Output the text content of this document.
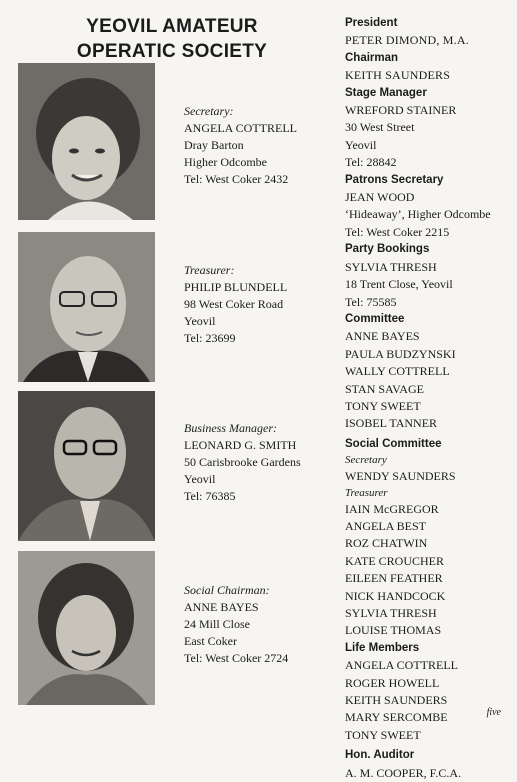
YEOVIL AMATEUR
OPERATIC SOCIETY
Secretary:
ANGELA COTTRELL
Dray Barton
Higher Odcombe
Tel: West Coker 2432
Treasurer:
PHILIP BLUNDELL
98 West Coker Road
Yeovil
Tel: 23699
Business Manager:
LEONARD G. SMITH
50 Carisbrooke Gardens
Yeovil
Tel: 76385
Social Chairman:
ANNE BAYES
24 Mill Close
East Coker
Tel: West Coker 2724
President
PETER DIMOND, M.A.
Chairman
KEITH SAUNDERS
Stage Manager
WREFORD STAINER
30 West Street
Yeovil
Tel: 28842
Patrons Secretary
JEAN WOOD
‘Hideaway’, Higher Odcombe
Tel: West Coker 2215
Party Bookings
SYLVIA THRESH
18 Trent Close, Yeovil
Tel: 75585
Committee
ANNE BAYES
PAULA BUDZYNSKI
WALLY COTTRELL
STAN SAVAGE
TONY SWEET
ISOBEL TANNER
Social Committee
Secretary
WENDY SAUNDERS
Treasurer
IAIN McGREGOR
ANGELA BEST
ROZ CHATWIN
KATE CROUCHER
EILEEN FEATHER
NICK HANDCOCK
SYLVIA THRESH
LOUISE THOMAS
Life Members
ANGELA COTTRELL
ROGER HOWELL
KEITH SAUNDERS
MARY SERCOMBE
TONY SWEET
Hon. Auditor
A. M. COOPER, F.C.A.
five
